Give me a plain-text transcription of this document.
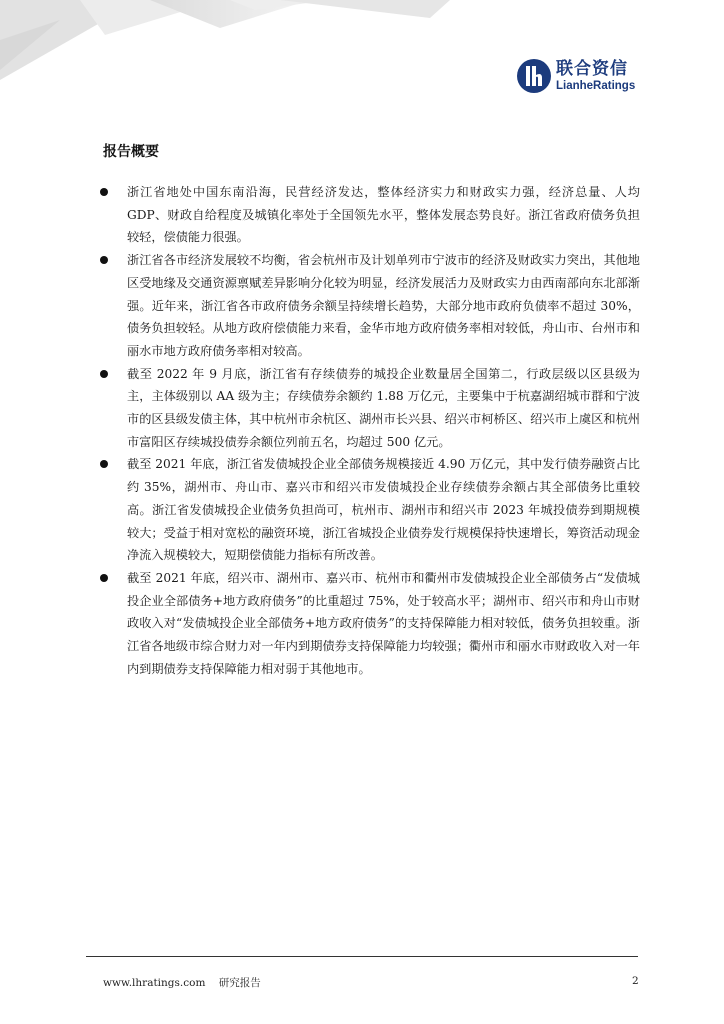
联合资信
LianheRatings
报告概要
浙江省地处中国东南沿海，民营经济发达，整体经济实力和财政实力强，经济总量、人均 GDP、财政自给程度及城镇化率处于全国领先水平，整体发展态势良好。浙江省政府债务负担较轻，偿债能力很强。
浙江省各市经济发展较不均衡，省会杭州市及计划单列市宁波市的经济及财政实力突出，其他地区受地缘及交通资源禀赋差异影响分化较为明显，经济发展活力及财政实力由西南部向东北部渐强。近年来，浙江省各市政府债务余额呈持续增长趋势，大部分地市政府负债率不超过 30%，债务负担较轻。从地方政府偿债能力来看，金华市地方政府债务率相对较低，舟山市、台州市和丽水市地方政府债务率相对较高。
截至 2022 年 9 月底，浙江省有存续债券的城投企业数量居全国第二，行政层级以区县级为主，主体级别以 AA 级为主；存续债券余额约 1.88 万亿元，主要集中于杭嘉湖绍城市群和宁波市的区县级发债主体，其中杭州市余杭区、湖州市长兴县、绍兴市柯桥区、绍兴市上虞区和杭州市富阳区存续城投债券余额位列前五名，均超过 500 亿元。
截至 2021 年底，浙江省发债城投企业全部债务规模接近 4.90 万亿元，其中发行债券融资占比约 35%，湖州市、舟山市、嘉兴市和绍兴市发债城投企业存续债券余额占其全部债务比重较高。浙江省发债城投企业债务负担尚可，杭州市、湖州市和绍兴市 2023 年城投债券到期规模较大；受益于相对宽松的融资环境，浙江省城投企业债券发行规模保持快速增长，筹资活动现金净流入规模较大，短期偿债能力指标有所改善。
截至 2021 年底，绍兴市、湖州市、嘉兴市、杭州市和衢州市发债城投企业全部债务占“发债城投企业全部债务+地方政府债务”的比重超过 75%，处于较高水平；湖州市、绍兴市和舟山市财政收入对“发债城投企业全部债务+地方政府债务”的支持保障能力相对较低，债务负担较重。浙江省各地级市综合财力对一年内到期债券支持保障能力均较强；衢州市和丽水市财政收入对一年内到期债券支持保障能力相对弱于其他地市。
www.lhratings.com 研究报告	2
